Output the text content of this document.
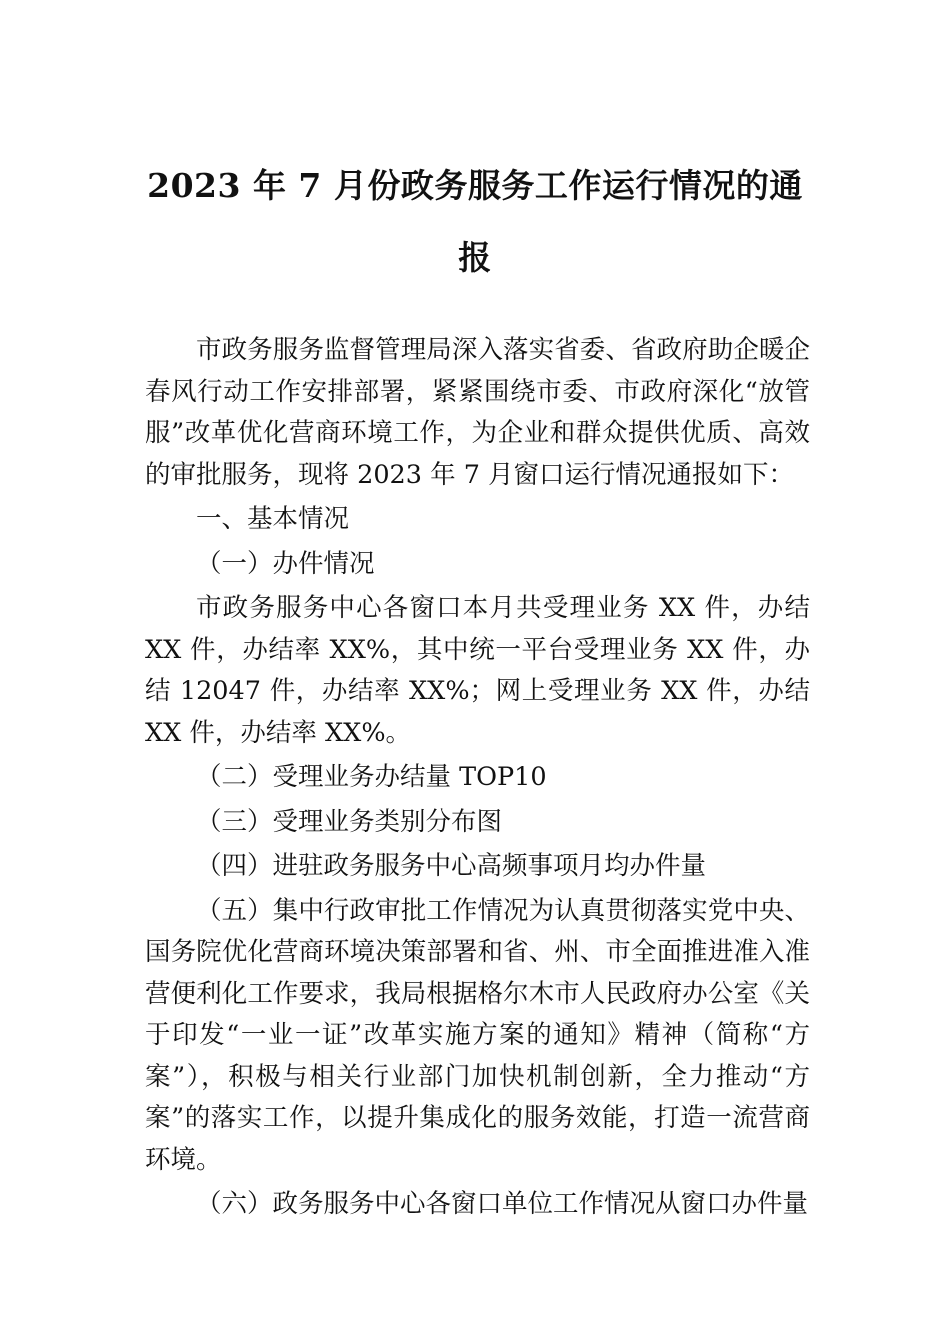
2023 年 7 月份政务服务工作运行情况的通
报

市政务服务监督管理局深入落实省委、省政府助企暖企春风行动工作安排部署，紧紧围绕市委、市政府深化“放管服”改革优化营商环境工作，为企业和群众提供优质、高效的审批服务，现将 2023 年 7 月窗口运行情况通报如下：

一、基本情况

（一）办件情况

市政务服务中心各窗口本月共受理业务 XX 件，办结 XX 件，办结率 XX%，其中统一平台受理业务 XX 件，办结 12047 件，办结率 XX%；网上受理业务 XX 件，办结 XX 件，办结率 XX%。

（二）受理业务办结量 TOP10

（三）受理业务类别分布图

（四）进驻政务服务中心高频事项月均办件量

（五）集中行政审批工作情况为认真贯彻落实党中央、国务院优化营商环境决策部署和省、州、市全面推进准入准营便利化工作要求，我局根据格尔木市人民政府办公室《关于印发“一业一证”改革实施方案的通知》精神（简称“方案”），积极与相关行业部门加快机制创新，全力推动“方案”的落实工作，以提升集成化的服务效能，打造一流营商环境。

（六）政务服务中心各窗口单位工作情况从窗口办件量
